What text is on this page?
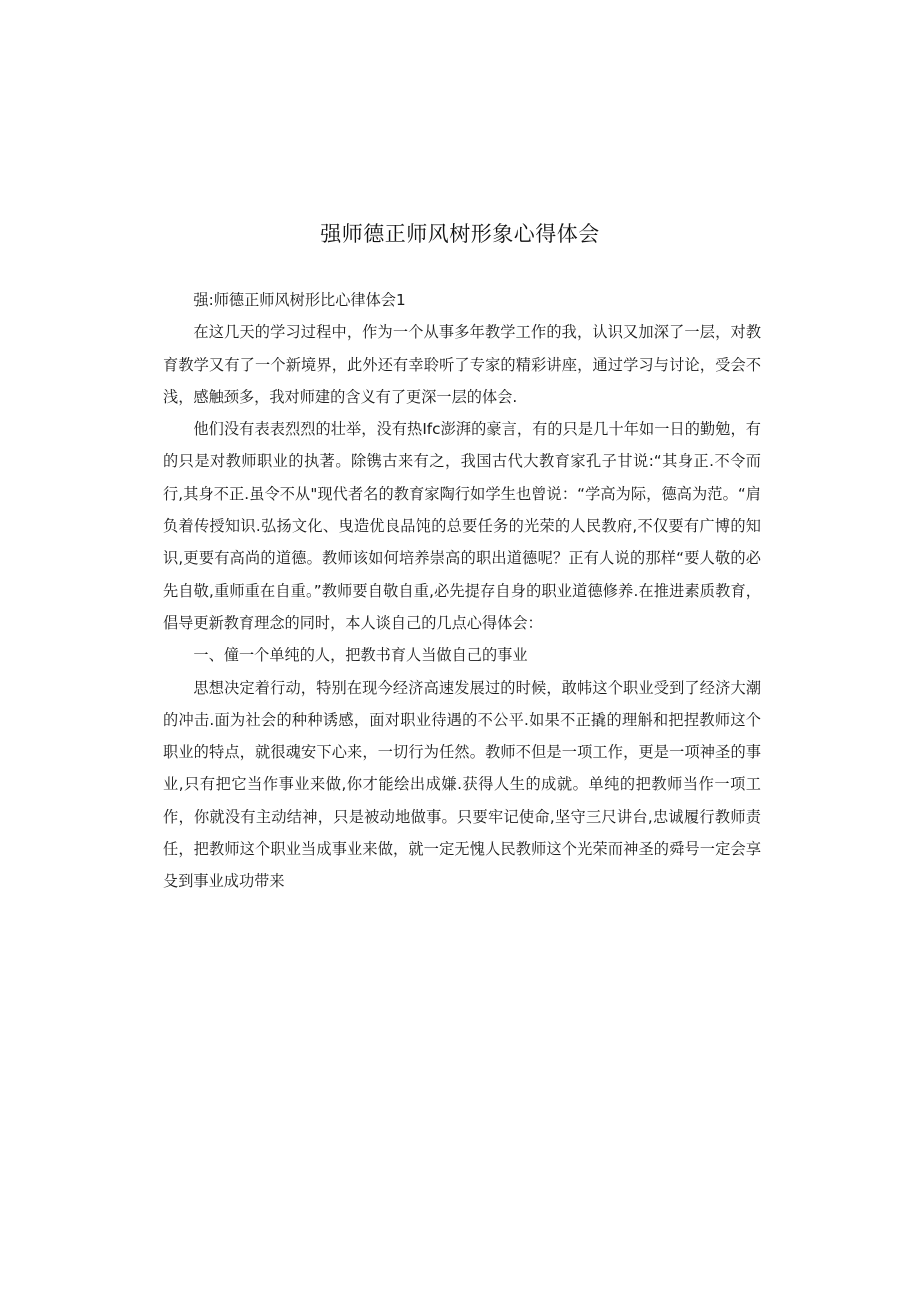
强师德正师风树形象心得体会

强:师德正师风树形比心律体会1

在这几天的学习过程中，作为一个从事多年教学工作的我，认识又加深了一层，对教育教学又有了一个新境界，此外还有幸聆听了专家的精彩讲座，通过学习与讨论，受会不浅，感触颈多，我对师建的含义有了更深一层的体会.

他们没有表表烈烈的壮举，没有热Ifc澎湃的豪言，有的只是几十年如一日的勤勉，有的只是对教师职业的执著。除镌古来有之，我国古代大教育家孔子甘说:“其身正.不令而行,其身不正.虽令不从"现代者名的教育家陶行如学生也曾说：“学高为际，德高为范。“肩负着传授知识.弘扬文化、曳造优良品饨的总要任务的光荣的人民教府,不仅要有广博的知识,更要有高尚的道德。教师该如何培养崇高的职出道德呢？正有人说的那样“要人敬的必先自敬,重师重在自重。”教师要自敬自重,必先提存自身的职业道德修养.在推进素质教育，倡导更新教育理念的同时，本人谈自己的几点心得体会：

一、僮一个单纯的人，把教书育人当做自己的事业

思想决定着行动，特别在现今经济高速发展过的时候，敢帏这个职业受到了经济大潮的冲击.面为社会的种种诱感，面对职业待遇的不公平.如果不正撬的理斛和把捏教师这个职业的特点，就很魂安下心来，一切行为任然。教师不但是一项工作，更是一项神圣的事业,只有把它当作事业来做,你才能绘出成嫌.获得人生的成就。单纯的把教师当作一项工作，你就没有主动结神，只是被动地做事。只要牢记使命,坚守三尺讲台,忠诚履行教师责任，把教师这个职业当成事业来做，就一定无愧人民教师这个光荣而神圣的舜号一定会享殳到事业成功带来
